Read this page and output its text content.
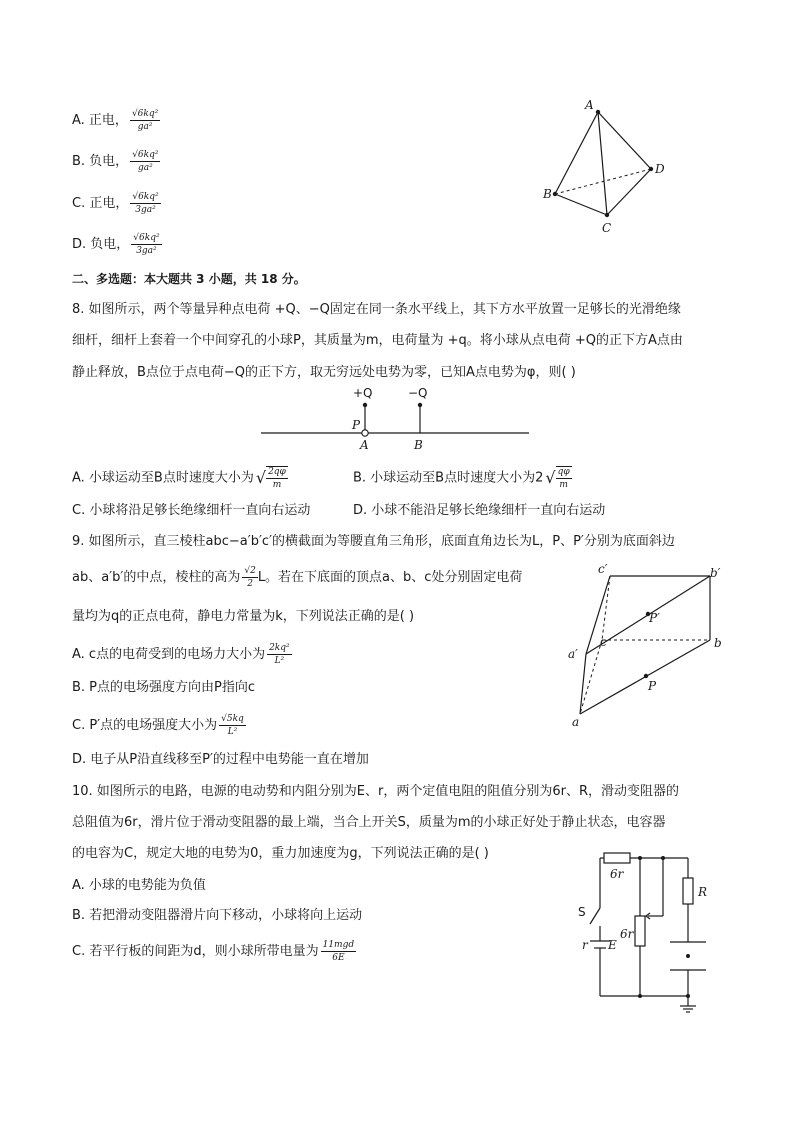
A. 正电， $\frac{\text{√6kq²}}{\text{ga²}}$
B. 负电， $\frac{\text{√6kq²}}{\text{ga²}}$
C. 正电， $\frac{\text{√6kq²}}{\text{3ga²}}$
D. 负电， $\frac{\text{√6kq²}}{\text{3ga²}}$
A
B
C
D
二、多选题：本大题共 3 小题，共 18 分。
8. 如图所示，两个等量异种点电荷 +Q、−Q固定在同一条水平线上，其下方水平放置一足够长的光滑绝缘
细杆，细杆上套着一个中间穿孔的小球P，其质量为m，电荷量为 +q。将小球从点电荷 +Q的正下方A点由
静止释放，B点位于点电荷−Q的正下方，取无穷远处电势为零，已知A点电势为φ，则( )
+Q	−Q
P
A	B
A. 小球运动至B点时速度大小为 √ $\frac{2q\varphi}{m}$	B. 小球运动至B点时速度大小为2 √ $\frac{q\varphi}{m}$
C. 小球将沿足够长绝缘细杆一直向右运动	D. 小球不能沿足够长绝缘细杆一直向右运动
9. 如图所示，直三棱柱abc−a′b′c′的横截面为等腰直角三角形，底面直角边长为L，P、P′分别为底面斜边
ab、a′b′的中点，棱柱的高为 $\frac{√2}{2}$ L。若在下底面的顶点a、b、c处分别固定电荷
量均为q的正点电荷，静电力常量为k，下列说法正确的是( )
A. c点的电荷受到的电场力大小为 $\frac{\text{2kq²}}{\text{L²}}$
B. P点的电场强度方向由P指向c
C. P′点的电场强度大小为 $\frac{√5kq}{\text{L²}}$
D. 电子从P沿直线移至P′的过程中电势能一直在增加
c′	b′
P′
a′
c	b
P
a
10. 如图所示的电路，电源的电动势和内阻分别为E、r，两个定值电阻的阻值分别为6r、R，滑动变阻器的
总阻值为6r，滑片位于滑动变阻器的最上端，当合上开关S，质量为m的小球正好处于静止状态，电容器
的电容为C，规定大地的电势为0，重力加速度为g，下列说法正确的是( )
A. 小球的电势能为负值
B. 若把滑动变阻器滑片向下移动，小球将向上运动
C. 若平行板的间距为d，则小球所带电量为 $\frac{\text{11mgd}}{6E}$
6r
R
S
6r
r E
